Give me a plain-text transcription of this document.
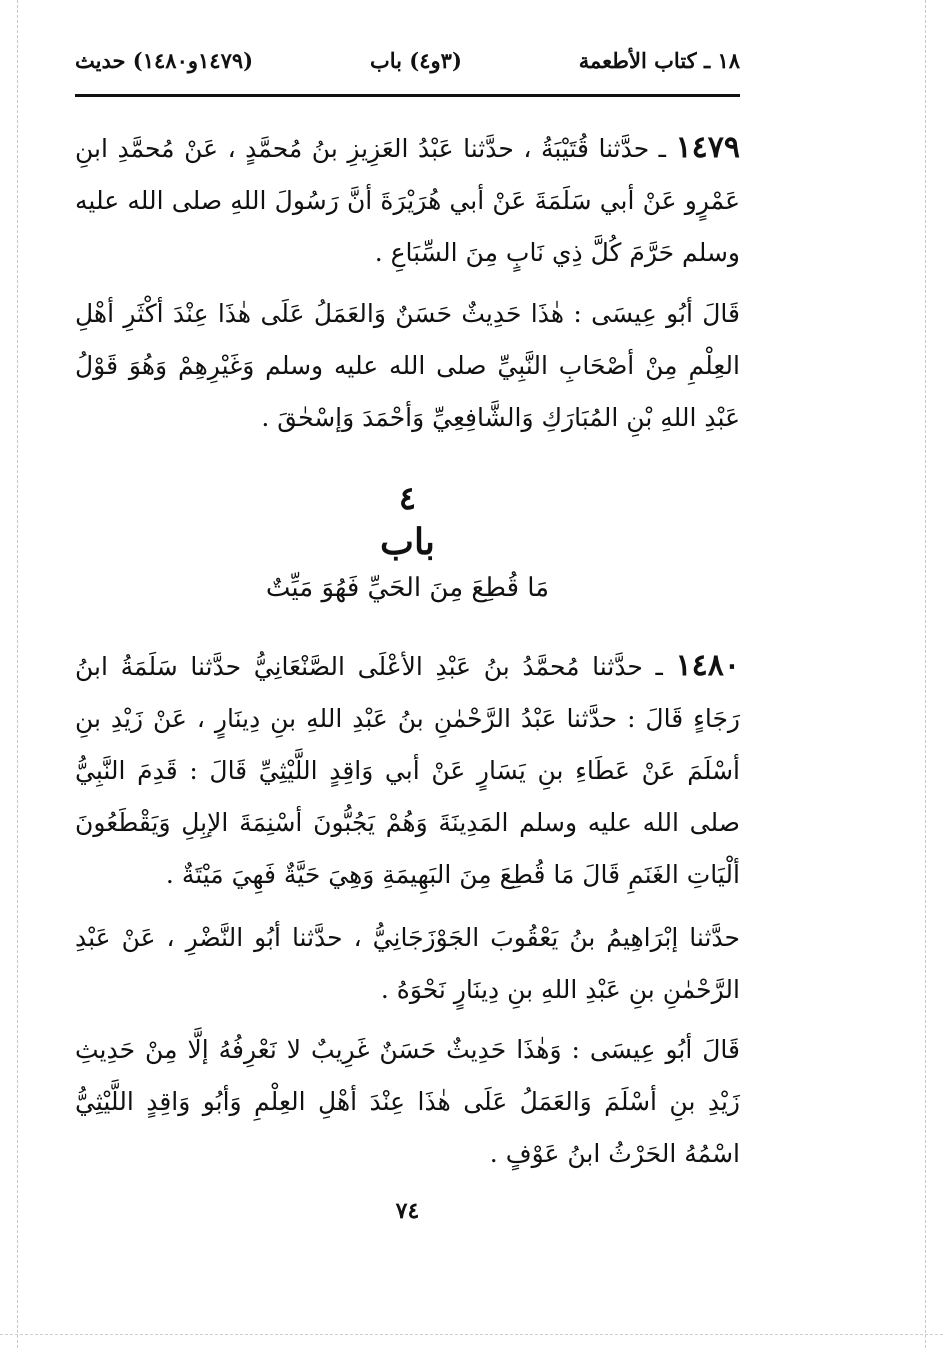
١٨ ـ كتاب الأطعمة
(٣و٤) باب
(١٤٧٩و١٤٨٠) حديث

١٤٧٩ ـ حدَّثنا قُتَيْبَةُ ، حدَّثنا عَبْدُ العَزِيزِ بنُ مُحمَّدٍ ، عَنْ مُحمَّدِ ابنِ عَمْرٍو عَنْ أبي سَلَمَةَ عَنْ أبي هُرَيْرَةَ أنَّ رَسُولَ اللهِ صلى الله عليه وسلم حَرَّمَ كُلَّ ذِي نَابٍ مِنَ السِّبَاعِ .

قَالَ أبُو عِيسَى : هٰذَا حَدِيثٌ حَسَنٌ وَالعَمَلُ عَلَى هٰذَا عِنْدَ أكْثَرِ أهْلِ العِلْمِ مِنْ أصْحَابِ النَّبِيِّ صلى الله عليه وسلم وَغَيْرِهِمْ وَهُوَ قَوْلُ عَبْدِ اللهِ بْنِ المُبَارَكِ وَالشَّافِعِيِّ وَأحْمَدَ وَإسْحٰقَ .

٤
باب
مَا قُطِعَ مِنَ الحَيِّ فَهُوَ مَيِّتٌ

١٤٨٠ ـ حدَّثنا مُحمَّدُ بنُ عَبْدِ الأعْلَى الصَّنْعَانِيُّ حدَّثنا سَلَمَةُ ابنُ رَجَاءٍ قَالَ : حدَّثنا عَبْدُ الرَّحْمٰنِ بنُ عَبْدِ اللهِ بنِ دِينَارٍ ، عَنْ زَيْدِ بنِ أسْلَمَ عَنْ عَطَاءِ بنِ يَسَارٍ عَنْ أبي وَاقِدٍ اللَّيْثِيِّ قَالَ : قَدِمَ النَّبِيُّ صلى الله عليه وسلم المَدِينَةَ وَهُمْ يَجُبُّونَ أسْنِمَةَ الإبِلِ وَيَقْطَعُونَ ألْيَاتِ الغَنَمِ قَالَ مَا قُطِعَ مِنَ البَهِيمَةِ وَهِيَ حَيَّةٌ فَهِيَ مَيْتَةٌ .

حدَّثنا إبْرَاهِيمُ بنُ يَعْقُوبَ الجَوْزَجَانِيُّ ، حدَّثنا أبُو النَّضْرِ ، عَنْ عَبْدِ الرَّحْمٰنِ بنِ عَبْدِ اللهِ بنِ دِينَارٍ نَحْوَهُ .

قَالَ أبُو عِيسَى : وَهٰذَا حَدِيثٌ حَسَنٌ غَرِيبٌ لا نَعْرِفُهُ إلَّا مِنْ حَدِيثِ زَيْدِ بنِ أسْلَمَ وَالعَمَلُ عَلَى هٰذَا عِنْدَ أهْلِ العِلْمِ وَأبُو وَاقِدٍ اللَّيْثِيُّ اسْمُهُ الحَرْثُ ابنُ عَوْفٍ .

٧٤
